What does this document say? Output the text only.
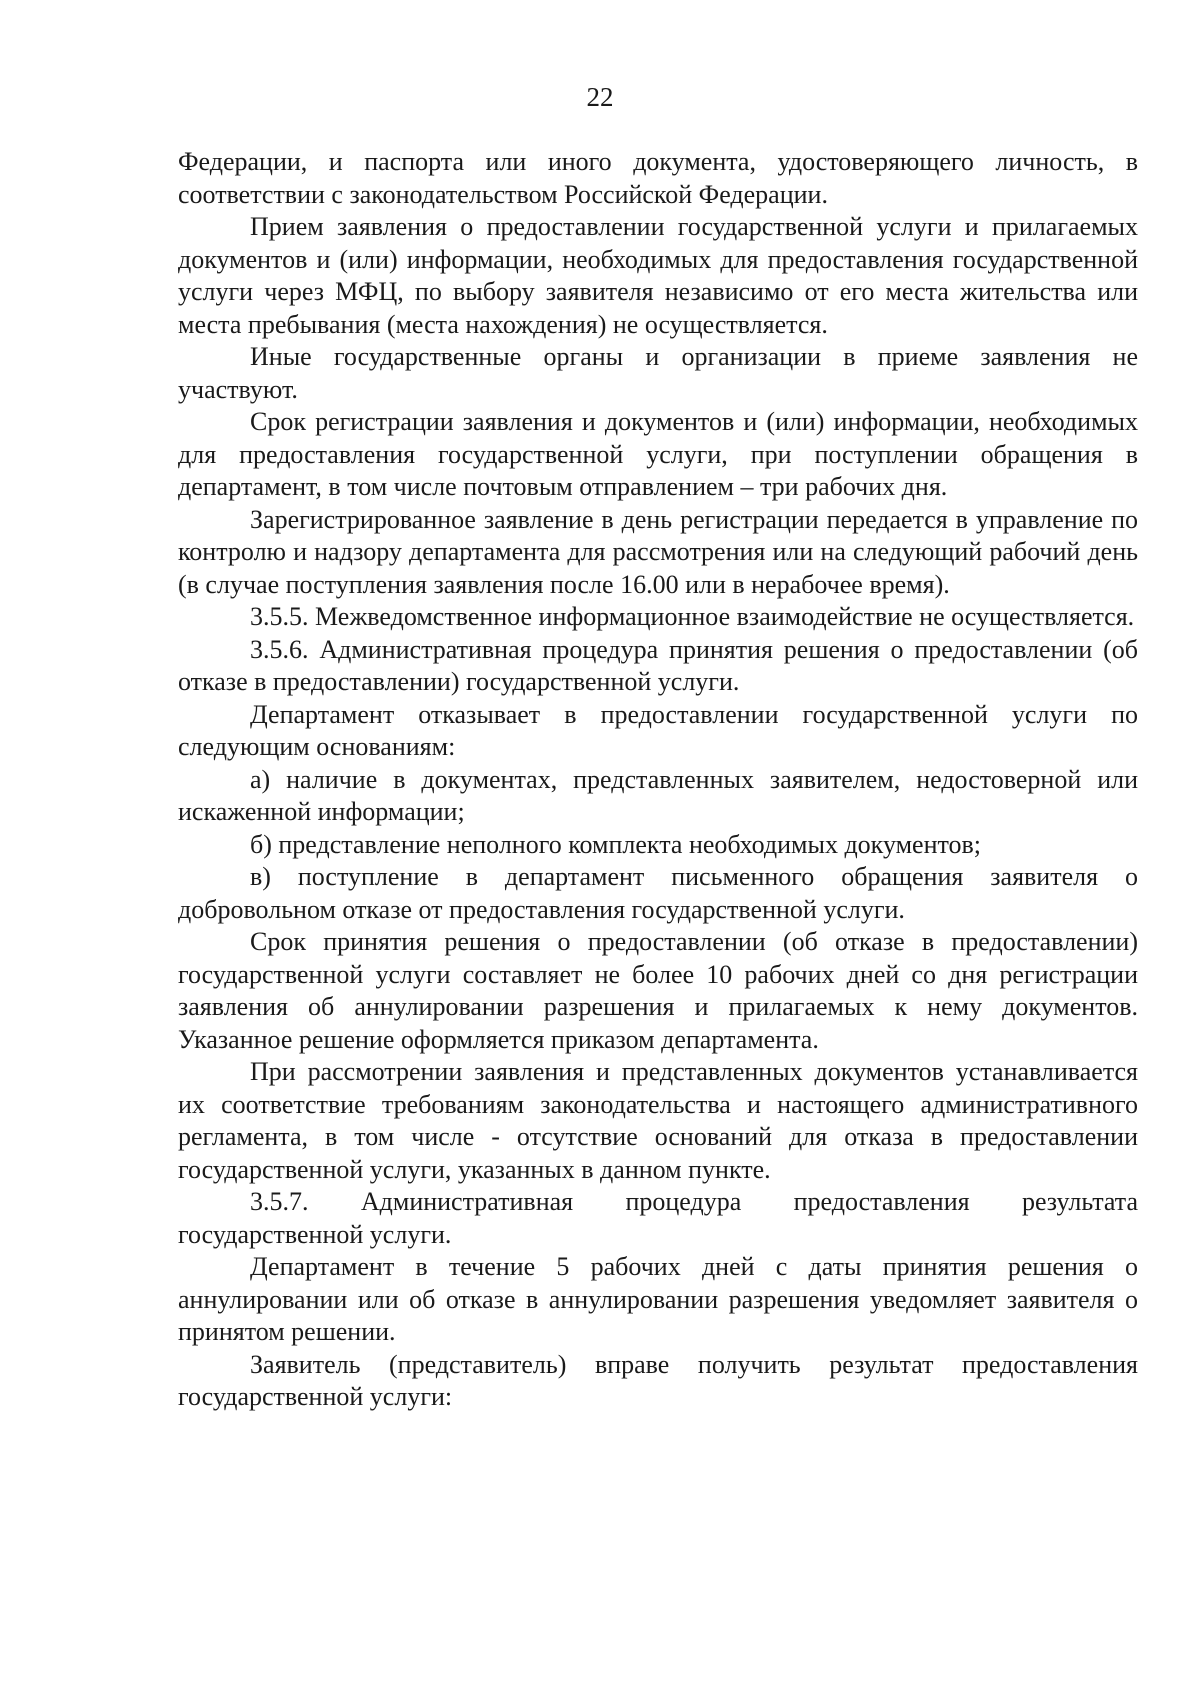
22

Федерации, и паспорта или иного документа, удостоверяющего личность, в соответствии с законодательством Российской Федерации.

Прием заявления о предоставлении государственной услуги и прилагаемых документов и (или) информации, необходимых для предоставления государственной услуги через МФЦ, по выбору заявителя независимо от его места жительства или места пребывания (места нахождения) не осуществляется.

Иные государственные органы и организации в приеме заявления не участвуют.

Срок регистрации заявления и документов и (или) информации, необходимых для предоставления государственной услуги, при поступлении обращения в департамент, в том числе почтовым отправлением – три рабочих дня.

Зарегистрированное заявление в день регистрации передается в управление по контролю и надзору департамента для рассмотрения или на следующий рабочий день (в случае поступления заявления после 16.00 или в нерабочее время).

3.5.5. Межведомственное информационное взаимодействие не осуществляется.

3.5.6. Административная процедура принятия решения о предоставлении (об отказе в предоставлении) государственной услуги.

Департамент отказывает в предоставлении государственной услуги по следующим основаниям:

а) наличие в документах, представленных заявителем, недостоверной или искаженной информации;

б) представление неполного комплекта необходимых документов;

в) поступление в департамент письменного обращения заявителя о добровольном отказе от предоставления государственной услуги.

Срок принятия решения о предоставлении (об отказе в предоставлении) государственной услуги составляет не более 10 рабочих дней со дня регистрации заявления об аннулировании разрешения и прилагаемых к нему документов. Указанное решение оформляется приказом департамента.

При рассмотрении заявления и представленных документов устанавливается их соответствие требованиям законодательства и настоящего административного регламента, в том числе - отсутствие оснований для отказа в предоставлении государственной услуги, указанных в данном пункте.

3.5.7. Административная процедура предоставления результата государственной услуги.

Департамент в течение 5 рабочих дней с даты принятия решения о аннулировании или об отказе в аннулировании разрешения уведомляет заявителя о принятом решении.

Заявитель (представитель) вправе получить результат предоставления государственной услуги:
